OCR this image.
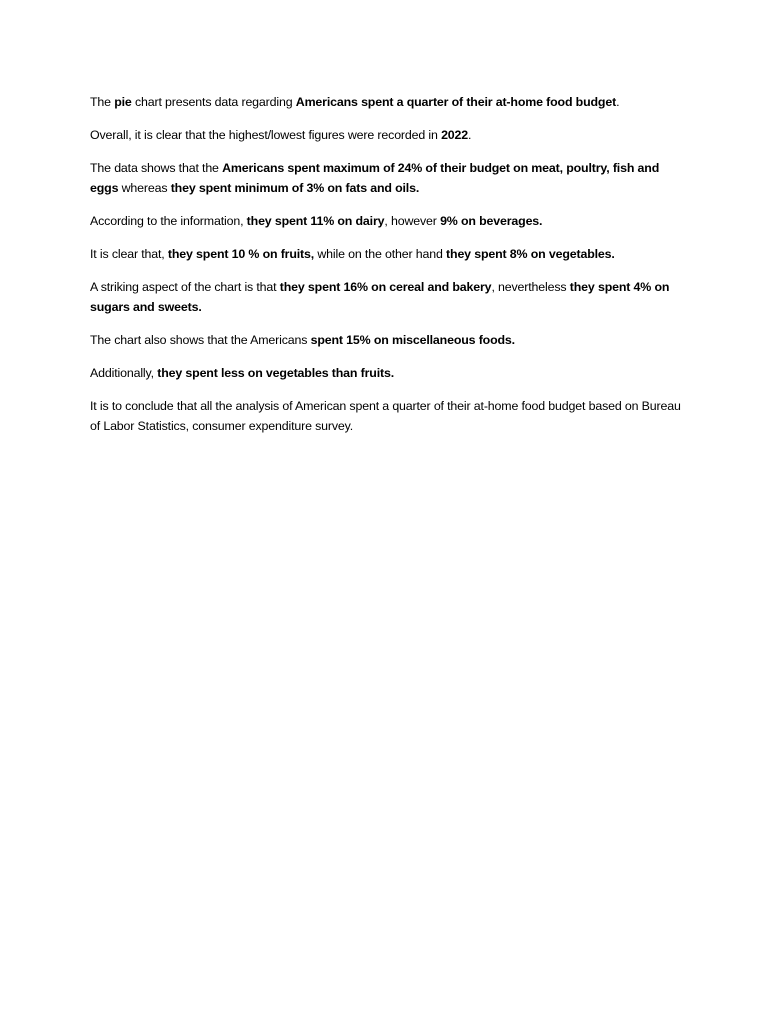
The pie chart presents data regarding Americans spent a quarter of their at-home food budget.

Overall, it is clear that the highest/lowest figures were recorded in 2022.

The data shows that the Americans spent maximum of 24% of their budget on meat, poultry, fish and eggs whereas they spent minimum of 3% on fats and oils.

According to the information, they spent 11% on dairy, however 9% on beverages.

It is clear that, they spent 10 % on fruits, while on the other hand they spent 8% on vegetables.

A striking aspect of the chart is that they spent 16% on cereal and bakery, nevertheless they spent 4% on sugars and sweets.

The chart also shows that the Americans spent 15% on miscellaneous foods.

Additionally, they spent less on vegetables than fruits.

It is to conclude that all the analysis of American spent a quarter of their at-home food budget based on Bureau of Labor Statistics, consumer expenditure survey.
